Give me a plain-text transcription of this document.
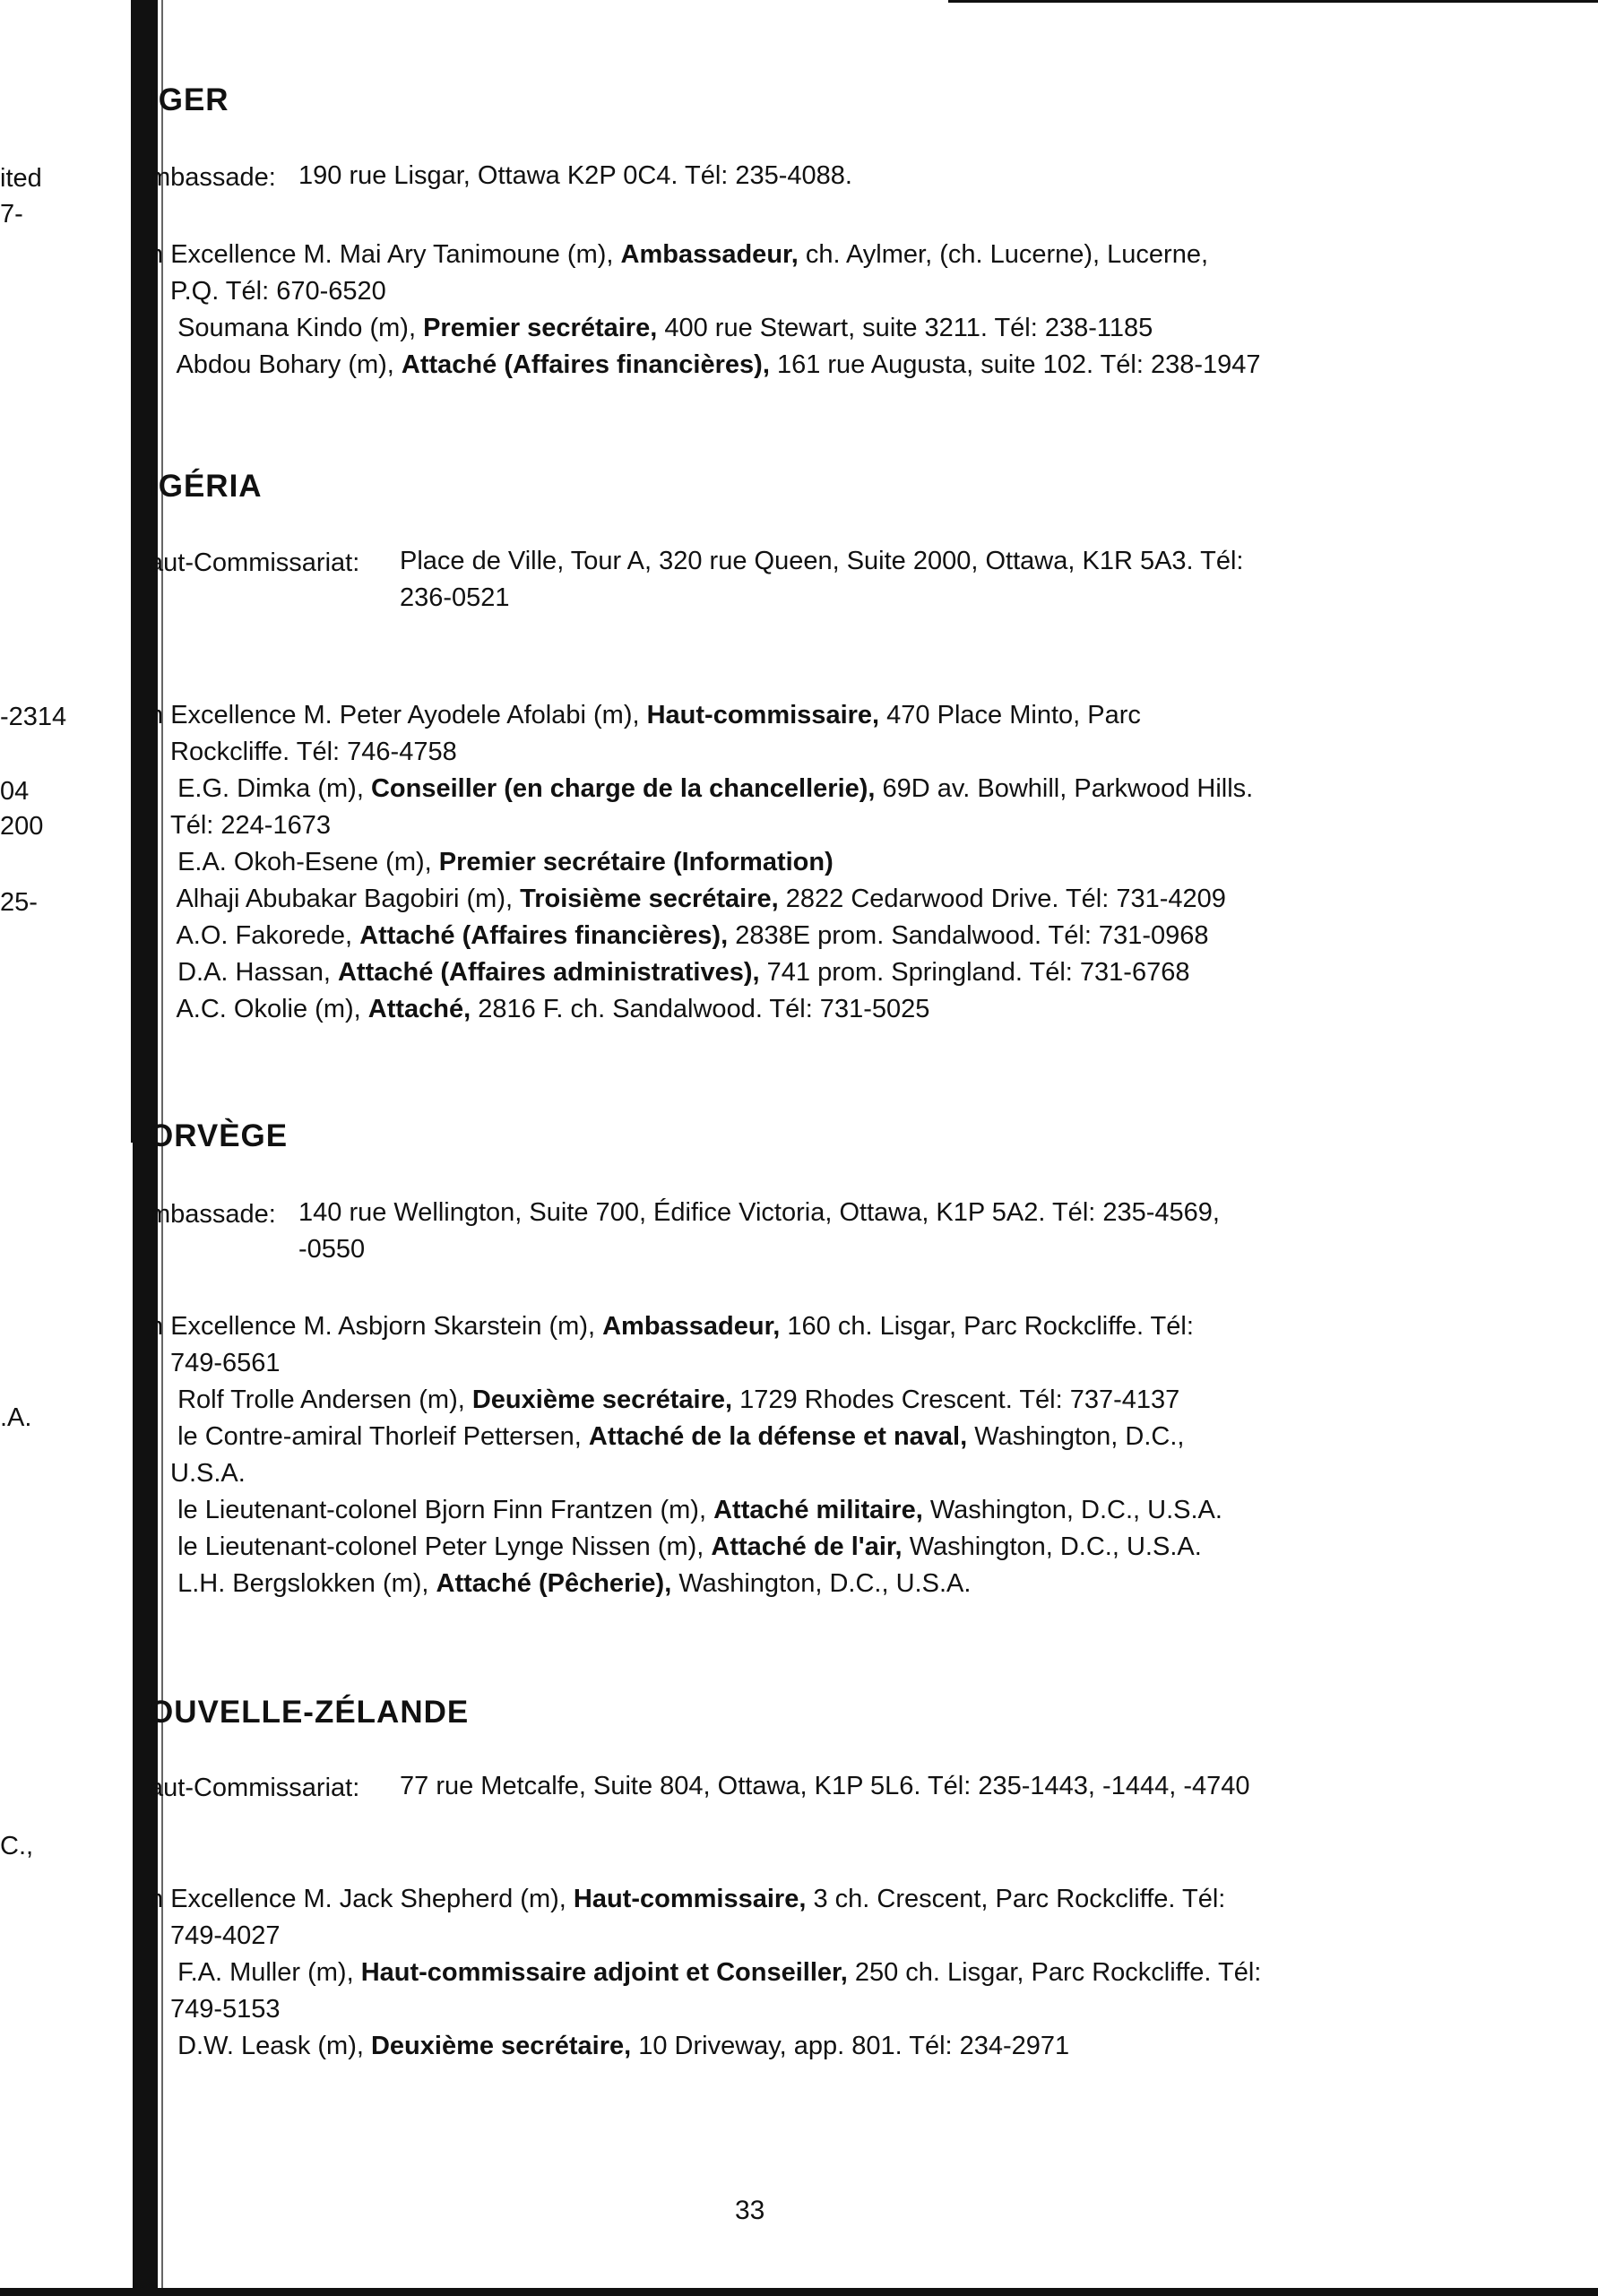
ited
7-
-2314
04
200
25-
.A.
C.,
IGER
mbassade: 190 rue Lisgar, Ottawa K2P 0C4. Tél: 235-4088.
n Excellence M. Mai Ary Tanimoune (m), Ambassadeur, ch. Aylmer, (ch. Lucerne), Lucerne,
P.Q. Tél: 670-6520
Soumana Kindo (m), Premier secrétaire, 400 rue Stewart, suite 3211. Tél: 238-1185
Abdou Bohary (m), Attaché (Affaires financières), 161 rue Augusta, suite 102. Tél: 238-1947
IGÉRIA
aut-Commissariat: Place de Ville, Tour A, 320 rue Queen, Suite 2000, Ottawa, K1R 5A3. Tél:
236-0521
n Excellence M. Peter Ayodele Afolabi (m), Haut-commissaire, 470 Place Minto, Parc
Rockcliffe. Tél: 746-4758
E.G. Dimka (m), Conseiller (en charge de la chancellerie), 69D av. Bowhill, Parkwood Hills.
Tél: 224-1673
E.A. Okoh-Esene (m), Premier secrétaire (Information)
Alhaji Abubakar Bagobiri (m), Troisième secrétaire, 2822 Cedarwood Drive. Tél: 731-4209
A.O. Fakorede, Attaché (Affaires financières), 2838E prom. Sandalwood. Tél: 731-0968
D.A. Hassan, Attaché (Affaires administratives), 741 prom. Springland. Tél: 731-6768
A.C. Okolie (m), Attaché, 2816 F. ch. Sandalwood. Tél: 731-5025
ORVÈGE
mbassade: 140 rue Wellington, Suite 700, Édifice Victoria, Ottawa, K1P 5A2. Tél: 235-4569,
-0550
n Excellence M. Asbjorn Skarstein (m), Ambassadeur, 160 ch. Lisgar, Parc Rockcliffe. Tél:
749-6561
Rolf Trolle Andersen (m), Deuxième secrétaire, 1729 Rhodes Crescent. Tél: 737-4137
le Contre-amiral Thorleif Pettersen, Attaché de la défense et naval, Washington, D.C.,
U.S.A.
le Lieutenant-colonel Bjorn Finn Frantzen (m), Attaché militaire, Washington, D.C., U.S.A.
le Lieutenant-colonel Peter Lynge Nissen (m), Attaché de l'air, Washington, D.C., U.S.A.
L.H. Bergslokken (m), Attaché (Pêcherie), Washington, D.C., U.S.A.
OUVELLE-ZÉLANDE
aut-Commissariat: 77 rue Metcalfe, Suite 804, Ottawa, K1P 5L6. Tél: 235-1443, -1444, -4740
n Excellence M. Jack Shepherd (m), Haut-commissaire, 3 ch. Crescent, Parc Rockcliffe. Tél:
749-4027
F.A. Muller (m), Haut-commissaire adjoint et Conseiller, 250 ch. Lisgar, Parc Rockcliffe. Tél:
749-5153
D.W. Leask (m), Deuxième secrétaire, 10 Driveway, app. 801. Tél: 234-2971
33
